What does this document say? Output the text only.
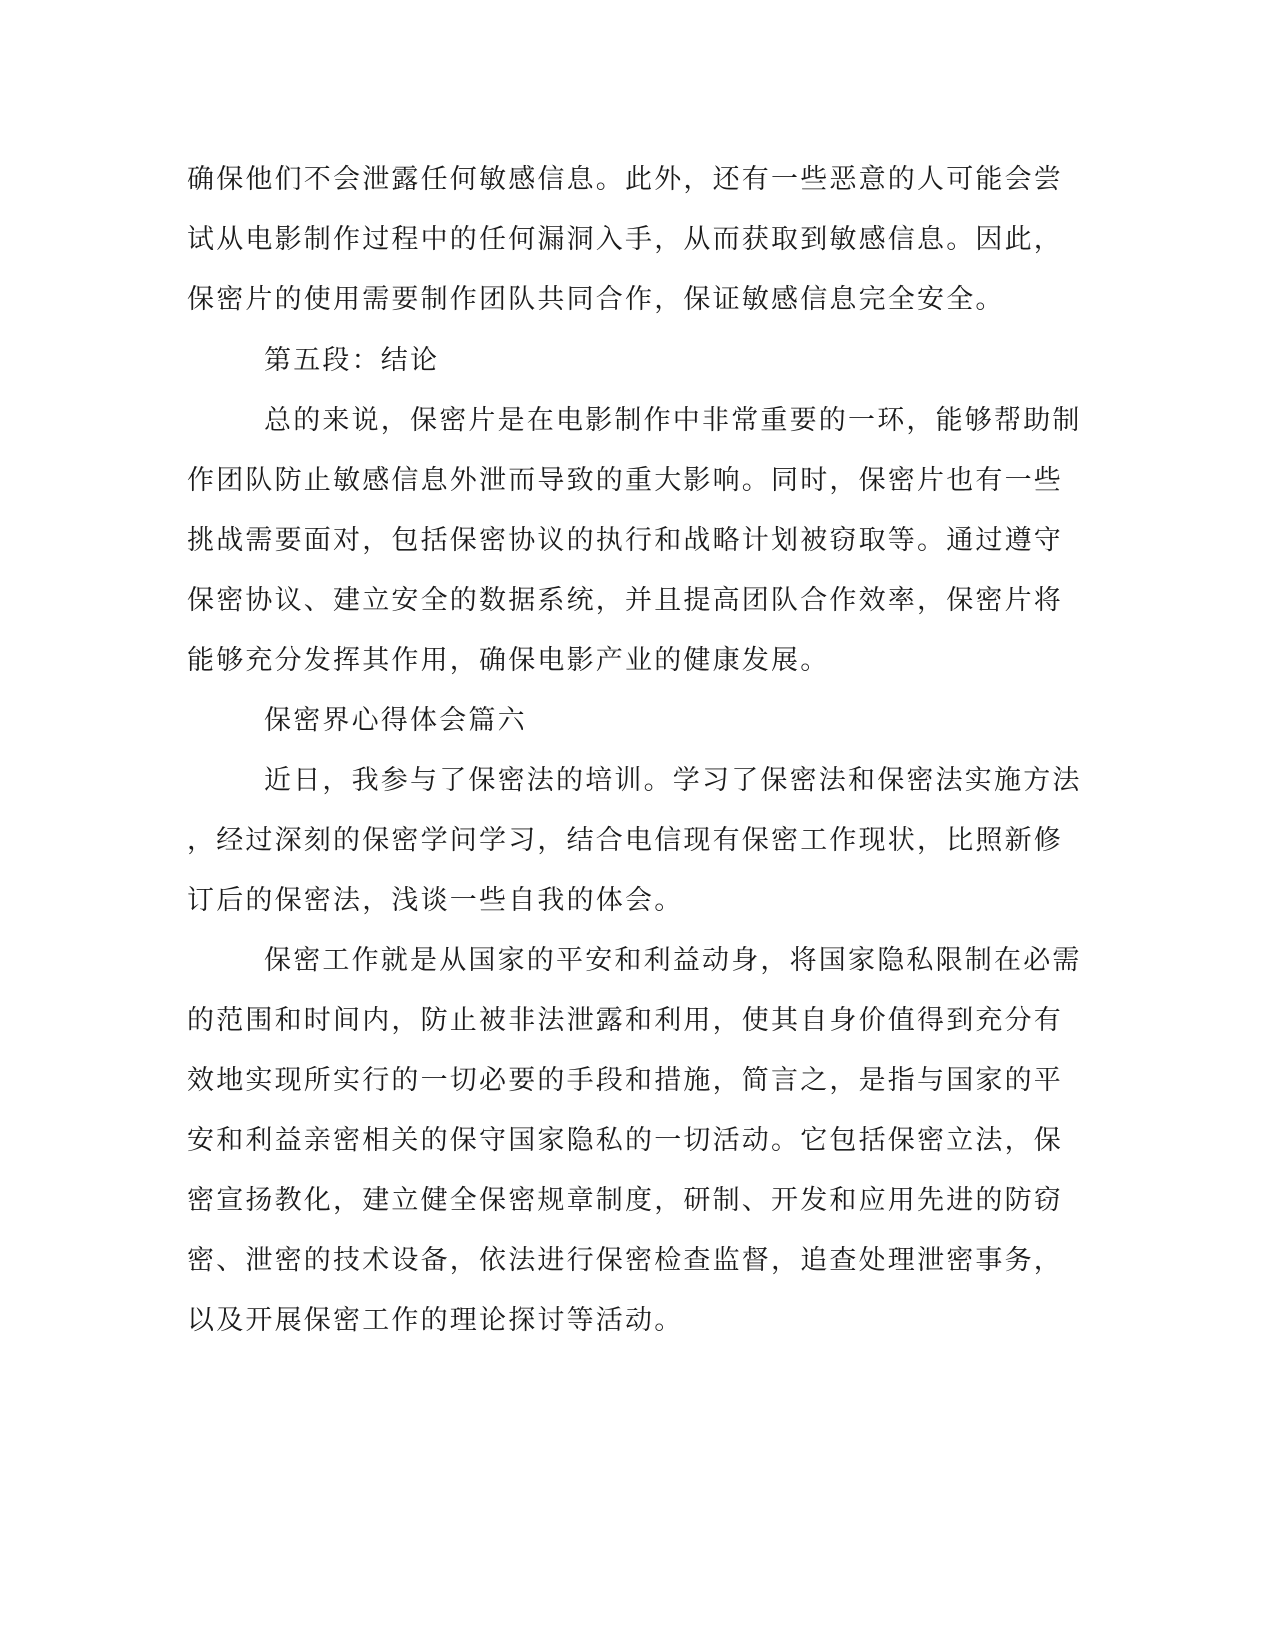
确保他们不会泄露任何敏感信息。此外，还有一些恶意的人可能会尝
试从电影制作过程中的任何漏洞入手，从而获取到敏感信息。因此，
保密片的使用需要制作团队共同合作，保证敏感信息完全安全。
第五段：结论
总的来说，保密片是在电影制作中非常重要的一环，能够帮助制
作团队防止敏感信息外泄而导致的重大影响。同时，保密片也有一些
挑战需要面对，包括保密协议的执行和战略计划被窃取等。通过遵守
保密协议、建立安全的数据系统，并且提高团队合作效率，保密片将
能够充分发挥其作用，确保电影产业的健康发展。
保密界心得体会篇六
近日，我参与了保密法的培训。学习了保密法和保密法实施方法
，经过深刻的保密学问学习，结合电信现有保密工作现状，比照新修
订后的保密法，浅谈一些自我的体会。
保密工作就是从国家的平安和利益动身，将国家隐私限制在必需
的范围和时间内，防止被非法泄露和利用，使其自身价值得到充分有
效地实现所实行的一切必要的手段和措施，简言之，是指与国家的平
安和利益亲密相关的保守国家隐私的一切活动。它包括保密立法，保
密宣扬教化，建立健全保密规章制度，研制、开发和应用先进的防窃
密、泄密的技术设备，依法进行保密检查监督，追查处理泄密事务，
以及开展保密工作的理论探讨等活动。
